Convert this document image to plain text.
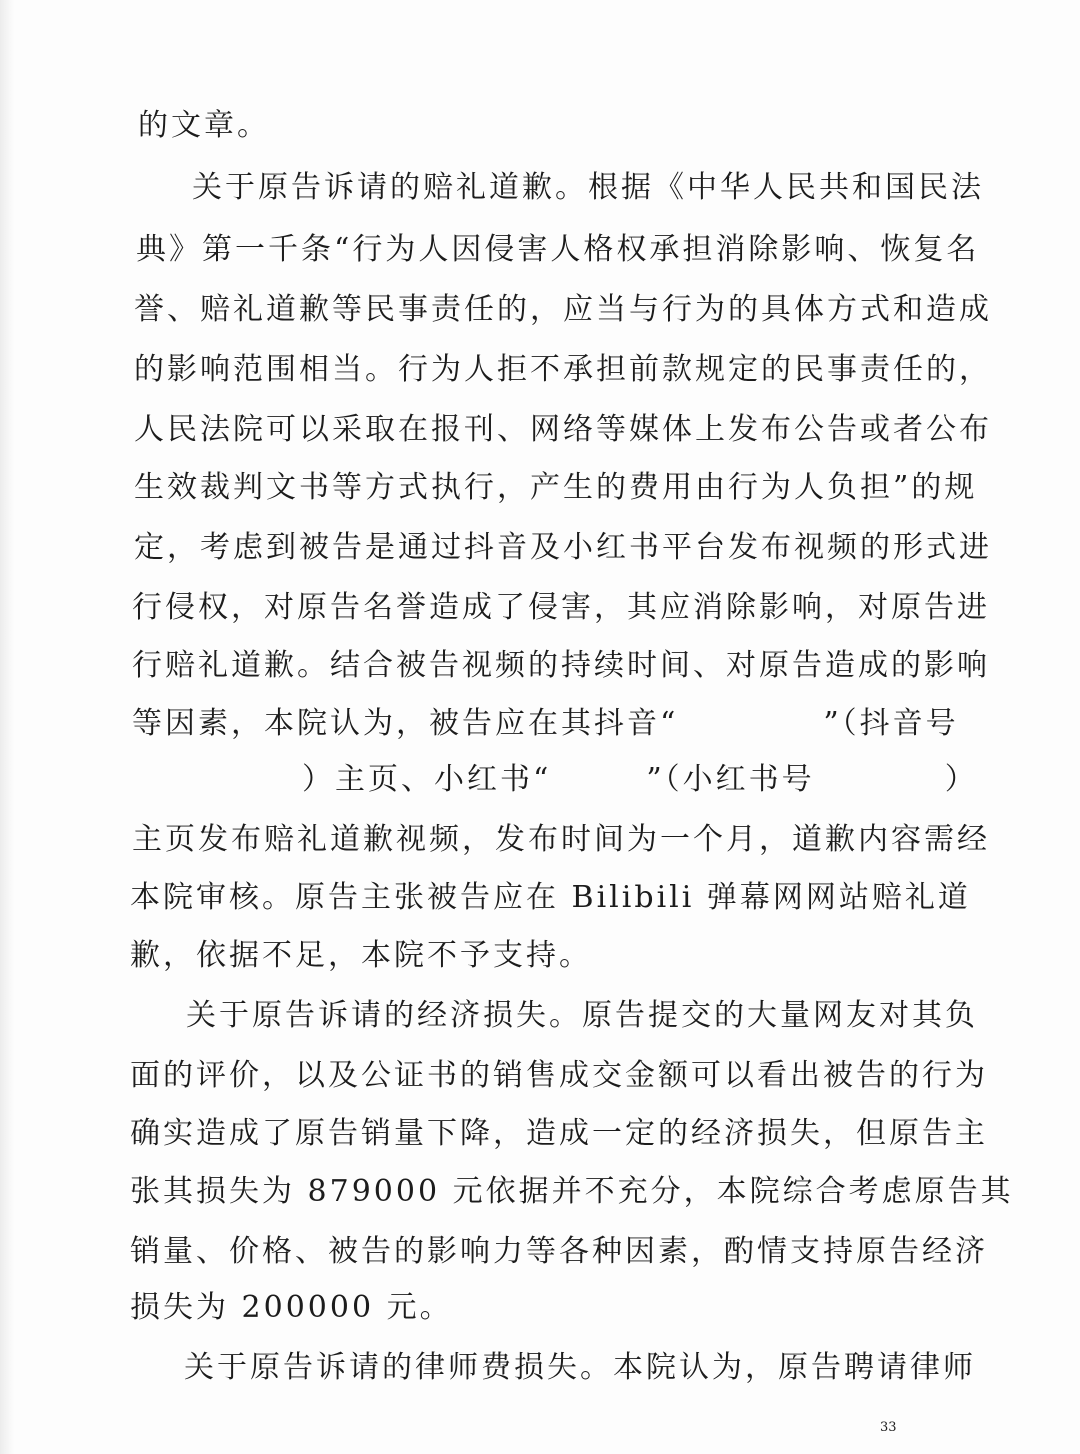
的文章。
关于原告诉请的赔礼道歉。根据《中华人民共和国民法
典》第一千条“行为人因侵害人格权承担消除影响、恢复名
誉、赔礼道歉等民事责任的，应当与行为的具体方式和造成
的影响范围相当。行为人拒不承担前款规定的民事责任的，
人民法院可以采取在报刊、网络等媒体上发布公告或者公布
生效裁判文书等方式执行，产生的费用由行为人负担”的规
定，考虑到被告是通过抖音及小红书平台发布视频的形式进
行侵权，对原告名誉造成了侵害，其应消除影响，对原告进
行赔礼道歉。结合被告视频的持续时间、对原告造成的影响
等因素，本院认为，被告应在其抖音“	”（抖音号
）主页、小红书“	”（小红书号	）
主页发布赔礼道歉视频，发布时间为一个月，道歉内容需经
本院审核。原告主张被告应在 Bilibili 弹幕网网站赔礼道
歉，依据不足，本院不予支持。
关于原告诉请的经济损失。原告提交的大量网友对其负
面的评价，以及公证书的销售成交金额可以看出被告的行为
确实造成了原告销量下降，造成一定的经济损失，但原告主
张其损失为 879000 元依据并不充分，本院综合考虑原告其
销量、价格、被告的影响力等各种因素，酌情支持原告经济
损失为 200000 元。
关于原告诉请的律师费损失。本院认为，原告聘请律师
33
